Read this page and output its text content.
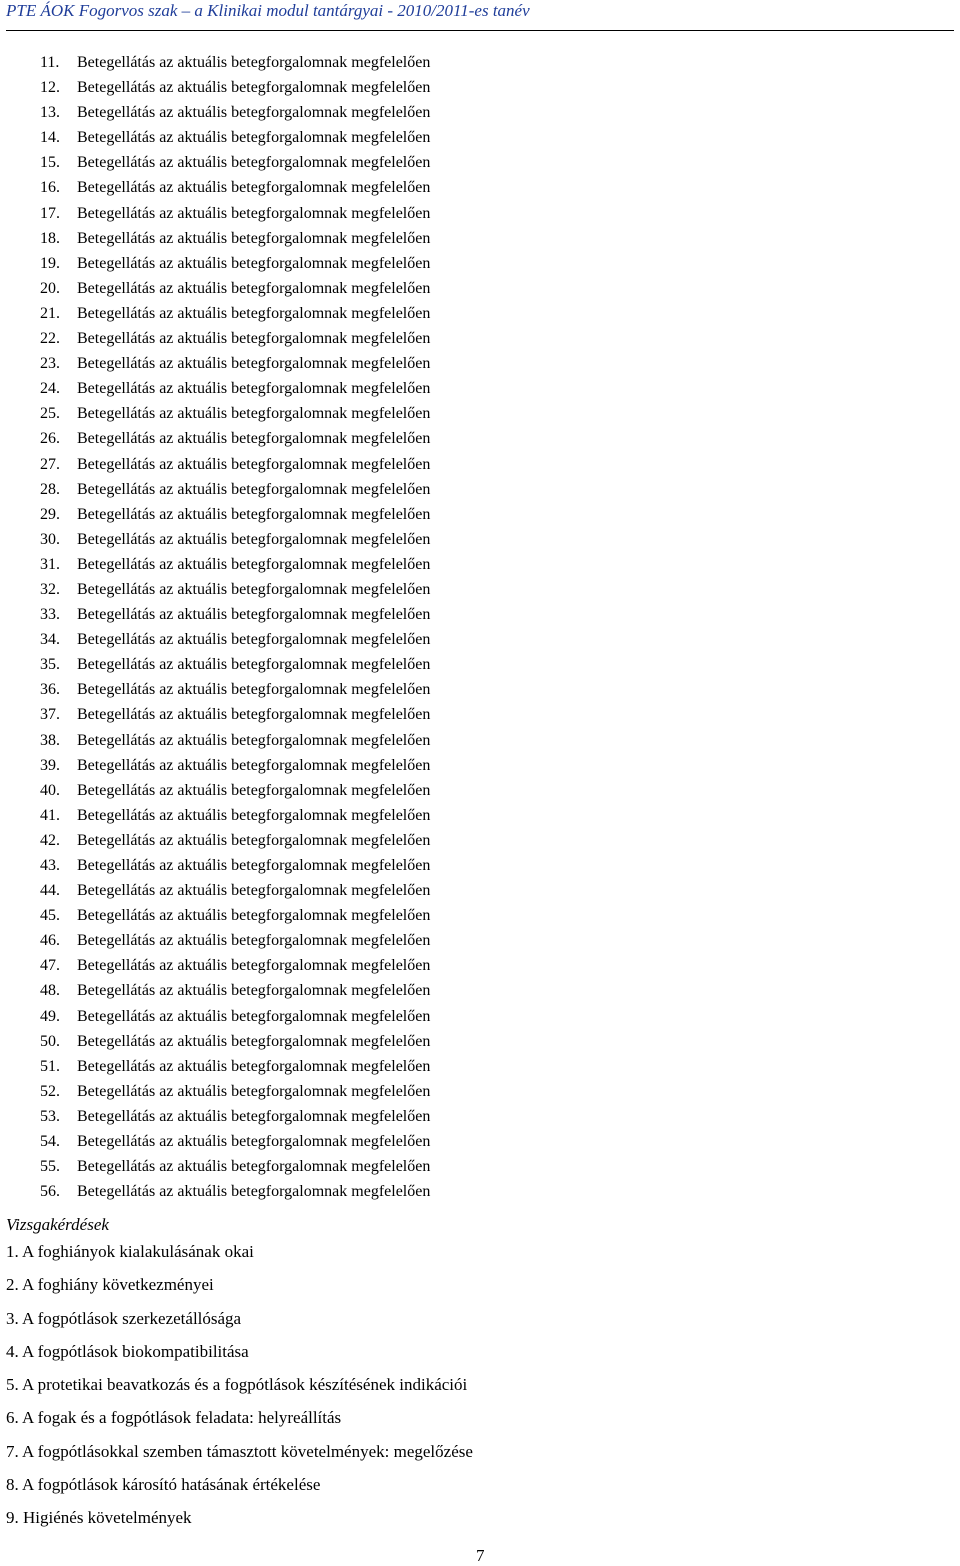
PTE ÁOK Fogorvos szak – a Klinikai modul tantárgyai - 2010/2011-es tanév
11. Betegellátás az aktuális betegforgalomnak megfelelően
12. Betegellátás az aktuális betegforgalomnak megfelelően
13. Betegellátás az aktuális betegforgalomnak megfelelően
14. Betegellátás az aktuális betegforgalomnak megfelelően
15. Betegellátás az aktuális betegforgalomnak megfelelően
16. Betegellátás az aktuális betegforgalomnak megfelelően
17. Betegellátás az aktuális betegforgalomnak megfelelően
18. Betegellátás az aktuális betegforgalomnak megfelelően
19. Betegellátás az aktuális betegforgalomnak megfelelően
20. Betegellátás az aktuális betegforgalomnak megfelelően
21. Betegellátás az aktuális betegforgalomnak megfelelően
22. Betegellátás az aktuális betegforgalomnak megfelelően
23. Betegellátás az aktuális betegforgalomnak megfelelően
24. Betegellátás az aktuális betegforgalomnak megfelelően
25. Betegellátás az aktuális betegforgalomnak megfelelően
26. Betegellátás az aktuális betegforgalomnak megfelelően
27. Betegellátás az aktuális betegforgalomnak megfelelően
28. Betegellátás az aktuális betegforgalomnak megfelelően
29. Betegellátás az aktuális betegforgalomnak megfelelően
30. Betegellátás az aktuális betegforgalomnak megfelelően
31. Betegellátás az aktuális betegforgalomnak megfelelően
32. Betegellátás az aktuális betegforgalomnak megfelelően
33. Betegellátás az aktuális betegforgalomnak megfelelően
34. Betegellátás az aktuális betegforgalomnak megfelelően
35. Betegellátás az aktuális betegforgalomnak megfelelően
36. Betegellátás az aktuális betegforgalomnak megfelelően
37. Betegellátás az aktuális betegforgalomnak megfelelően
38. Betegellátás az aktuális betegforgalomnak megfelelően
39. Betegellátás az aktuális betegforgalomnak megfelelően
40. Betegellátás az aktuális betegforgalomnak megfelelően
41. Betegellátás az aktuális betegforgalomnak megfelelően
42. Betegellátás az aktuális betegforgalomnak megfelelően
43. Betegellátás az aktuális betegforgalomnak megfelelően
44. Betegellátás az aktuális betegforgalomnak megfelelően
45. Betegellátás az aktuális betegforgalomnak megfelelően
46. Betegellátás az aktuális betegforgalomnak megfelelően
47. Betegellátás az aktuális betegforgalomnak megfelelően
48. Betegellátás az aktuális betegforgalomnak megfelelően
49. Betegellátás az aktuális betegforgalomnak megfelelően
50. Betegellátás az aktuális betegforgalomnak megfelelően
51. Betegellátás az aktuális betegforgalomnak megfelelően
52. Betegellátás az aktuális betegforgalomnak megfelelően
53. Betegellátás az aktuális betegforgalomnak megfelelően
54. Betegellátás az aktuális betegforgalomnak megfelelően
55. Betegellátás az aktuális betegforgalomnak megfelelően
56. Betegellátás az aktuális betegforgalomnak megfelelően
Vizsgakérdések
1. A foghiányok kialakulásának okai
2. A foghiány következményei
3. A fogpótlások szerkezetállósága
4. A fogpótlások biokompatibilitása
5. A protetikai beavatkozás és a fogpótlások készítésének indikációi
6. A fogak és a fogpótlások feladata: helyreállítás
7. A fogpótlásokkal szemben támasztott követelmények: megelőzése
8. A fogpótlások károsító hatásának értékelése
9. Higiénés követelmények
7
